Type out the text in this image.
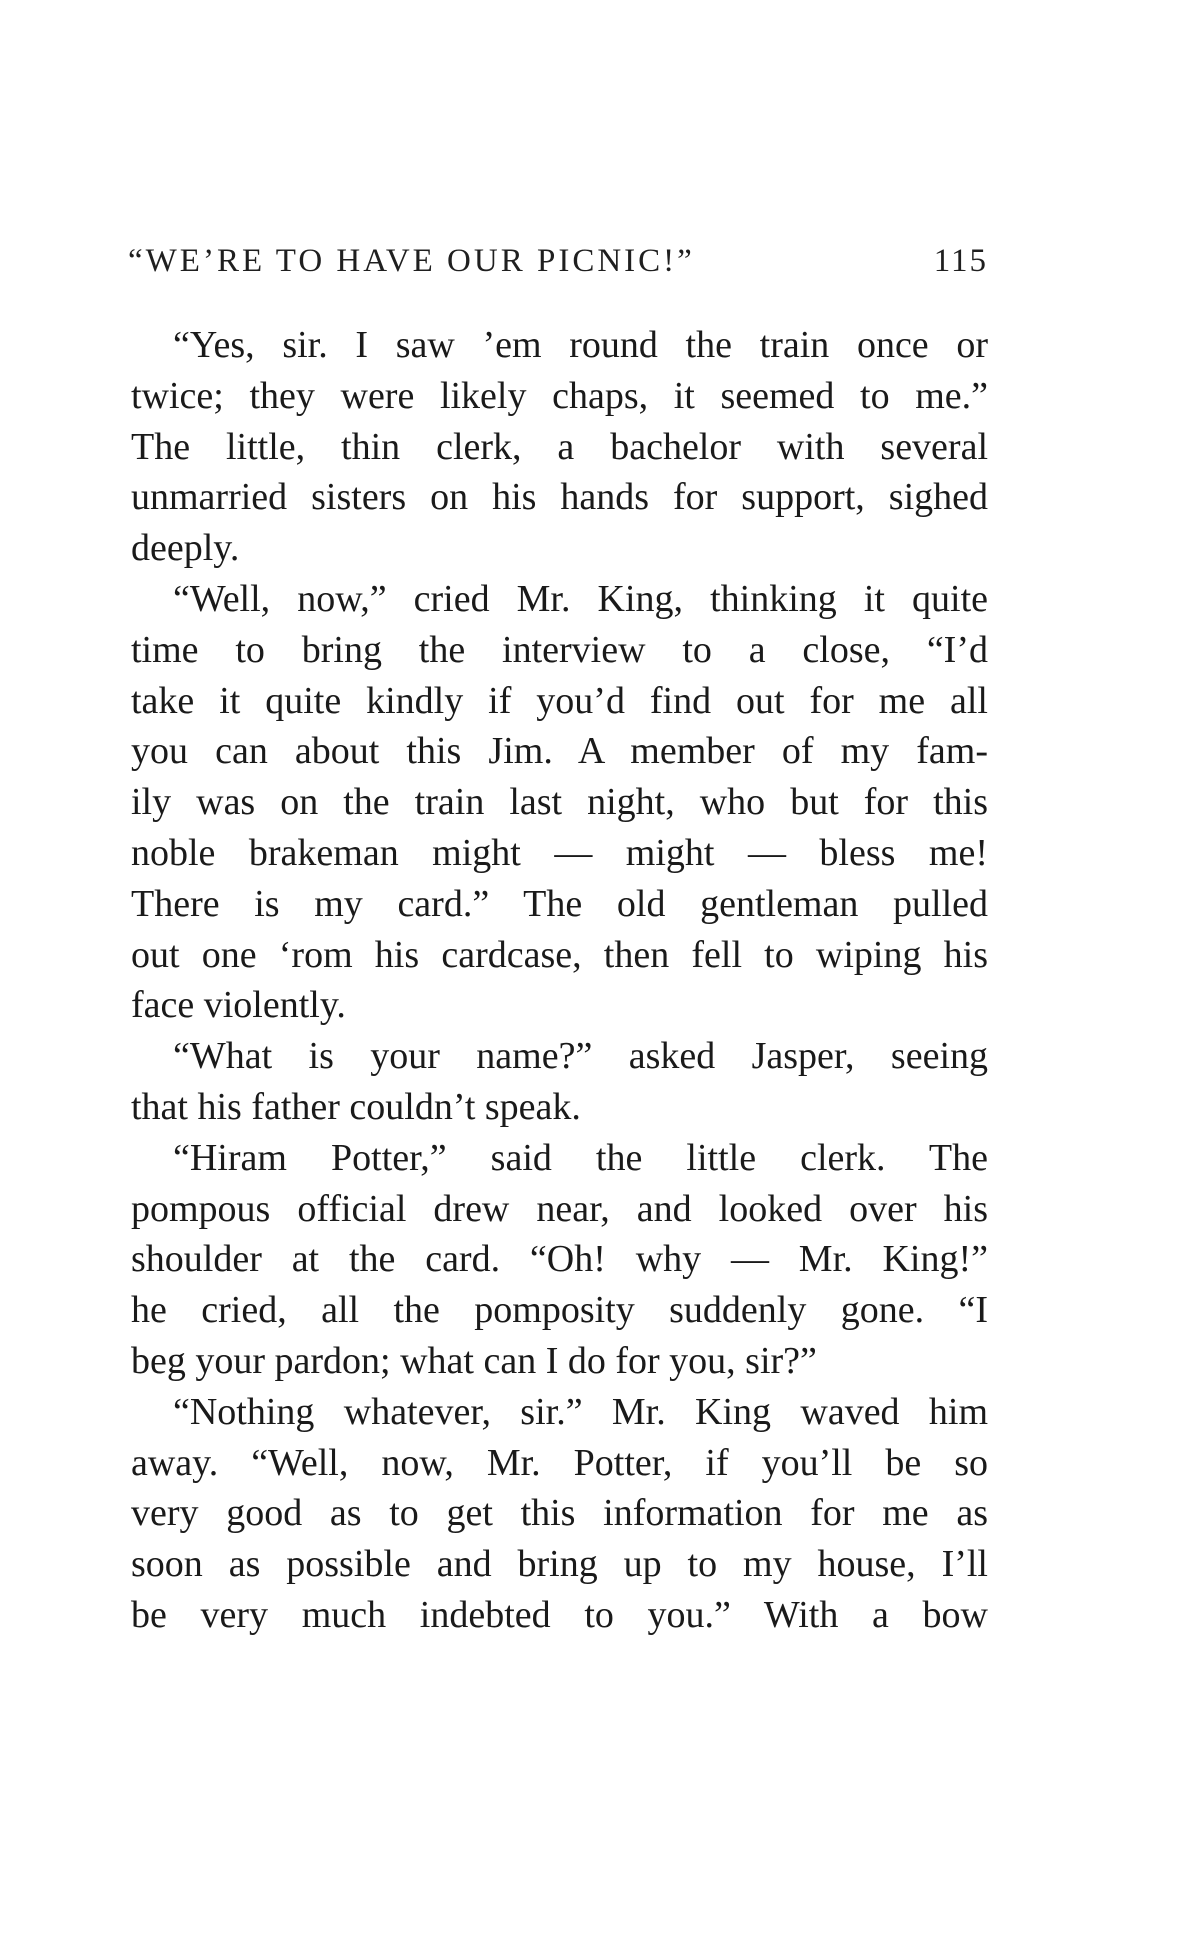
“WE’RE TO HAVE OUR PICNIC!”	115
“Yes, sir. I saw ’em round the train once or
twice; they were likely chaps, it seemed to me.”
The little, thin clerk, a bachelor with several
unmarried sisters on his hands for support, sighed
deeply.
“Well, now,” cried Mr. King, thinking it quite
time to bring the interview to a close, “I’d
take it quite kindly if you’d find out for me all
you can about this Jim. A member of my fam-
ily was on the train last night, who but for this
noble brakeman might — might — bless me!
There is my card.” The old gentleman pulled
out one ‘rom his cardcase, then fell to wiping his
face violently.
“What is your name?” asked Jasper, seeing
that his father couldn’t speak.
“Hiram Potter,” said the little clerk. The
pompous official drew near, and looked over his
shoulder at the card. “Oh! why — Mr. King!”
he cried, all the pomposity suddenly gone. “I
beg your pardon; what can I do for you, sir?”
“Nothing whatever, sir.” Mr. King waved him
away. “Well, now, Mr. Potter, if you’ll be so
very good as to get this information for me as
soon as possible and bring up to my house, I’ll
be very much indebted to you.” With a bow
